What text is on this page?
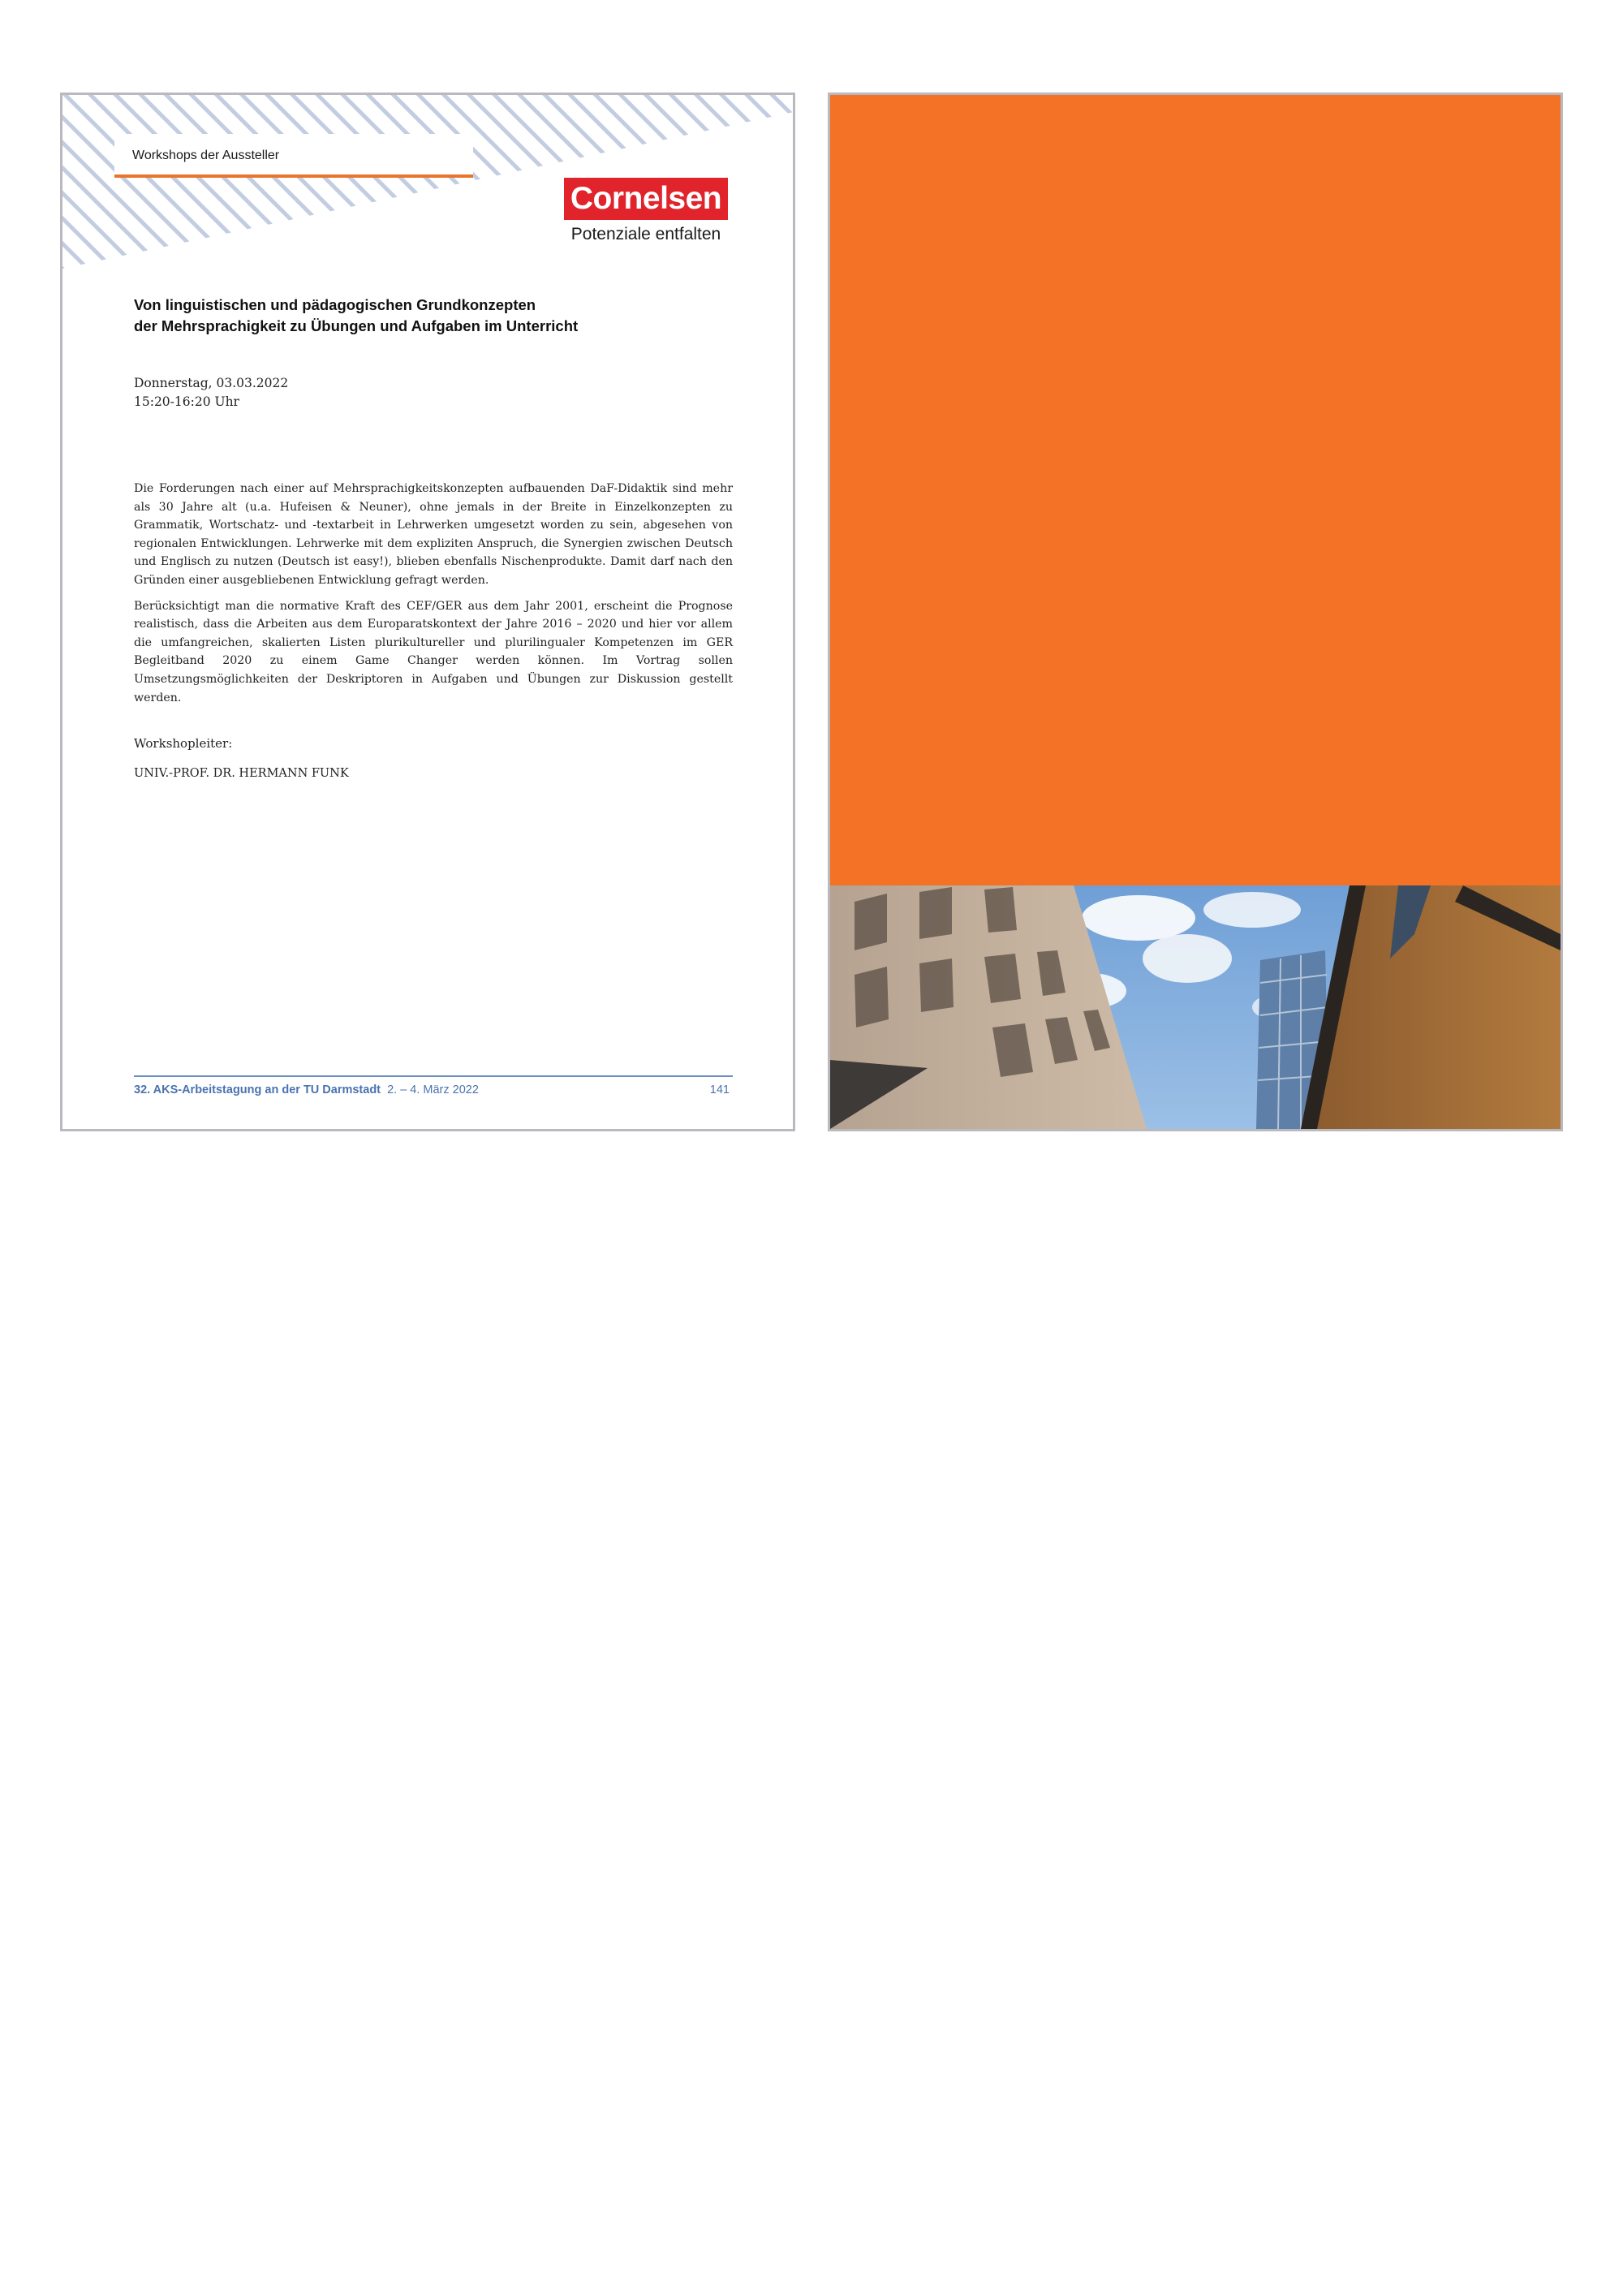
Workshops der Aussteller
Cornelsen
Potenziale entfalten
Von linguistischen und pädagogischen Grundkonzepten
der Mehrsprachigkeit zu Übungen und Aufgaben im Unterricht
Donnerstag, 03.03.2022
15:20-16:20 Uhr

Die Forderungen nach einer auf Mehrsprachigkeitskonzepten aufbauenden DaF-Didaktik sind mehr als 30 Jahre alt (u.a. Hufeisen & Neuner), ohne jemals in der Breite in Einzelkonzepten zu Grammatik, Wortschatz- und -textarbeit in Lehrwerken umgesetzt worden zu sein, abgesehen von regionalen Entwicklungen. Lehrwerke mit dem expliziten Anspruch, die Synergien zwischen Deutsch und Englisch zu nutzen (Deutsch ist easy!), blieben ebenfalls Nischenprodukte. Damit darf nach den Gründen einer ausgebliebenen Entwicklung gefragt werden.

Berücksichtigt man die normative Kraft des CEF/GER aus dem Jahr 2001, erscheint die Prognose realistisch, dass die Arbeiten aus dem Europaratskontext der Jahre 2016 – 2020 und hier vor allem die umfangreichen, skalierten Listen plurikultureller und plurilingualer Kompetenzen im GER Begleitband 2020 zu einem Game Changer werden können. Im Vortrag sollen Umsetzungsmöglichkeiten der Deskriptoren in Aufgaben und Übungen zur Diskussion gestellt werden.

Workshopleiter:
UNIV.-PROF. DR. HERMANN FUNK
32. AKS-Arbeitstagung an der TU Darmstadt 2. – 4. März 2022	141
